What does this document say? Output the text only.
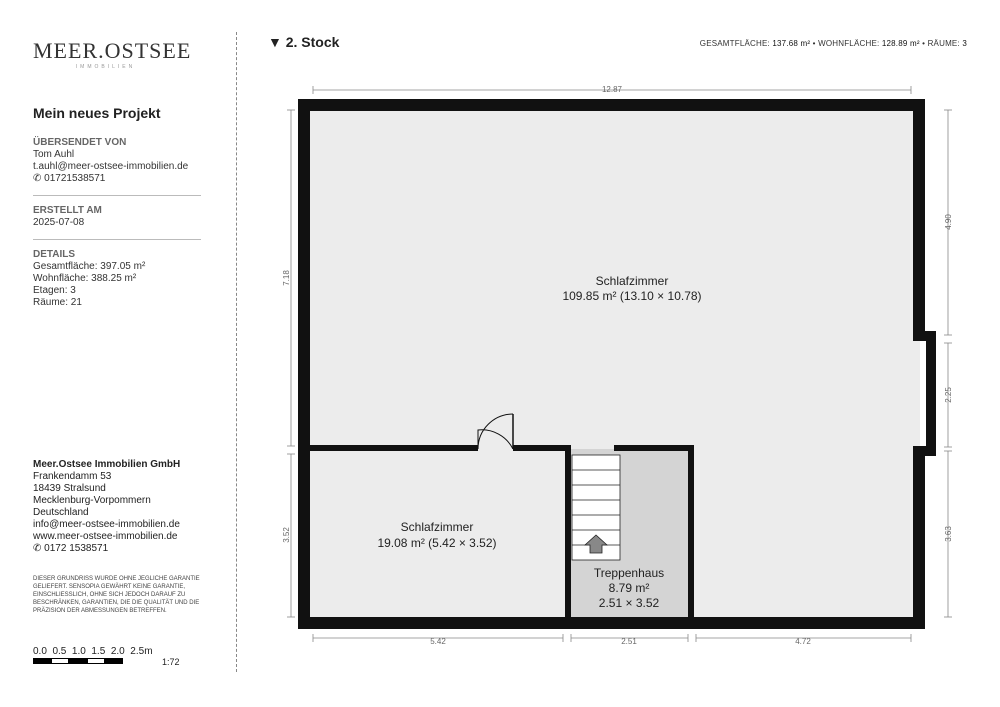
MEER.OSTSEE
IMMOBILIEN
Mein neues Projekt
ÜBERSENDET VON
Tom Auhl
t.auhl@meer-ostsee-immobilien.de
✆ 01721538571
ERSTELLT AM
2025-07-08
DETAILS
Gesamtfläche: 397.05 m²
Wohnfläche: 388.25 m²
Etagen: 3
Räume: 21
Meer.Ostsee Immobilien GmbH
Frankendamm 53
18439 Stralsund
Mecklenburg-Vorpommern
Deutschland
info@meer-ostsee-immobilien.de
www.meer-ostsee-immobilien.de
✆ 0172 1538571
DIESER GRUNDRISS WURDE OHNE JEGLICHE GARANTIE GELIEFERT. SENSOPIA GEWÄHRT KEINE GARANTIE, EINSCHLIESSLICH, OHNE SICH JEDOCH DARAUF ZU BESCHRÄNKEN, GARANTIEN, DIE DIE QUALITÄT UND DIE PRÄZISION DER ABMESSUNGEN BETREFFEN.
0.0  0.5  1.0  1.5  2.0  2.5m
1:72
▼ 2. Stock	GESAMTFLÄCHE: 137.68 m² • WOHNFLÄCHE: 128.89 m² • RÄUME: 3
Schlafzimmer
109.85 m² (13.10 × 10.78)
Schlafzimmer
19.08 m² (5.42 × 3.52)
Treppenhaus
8.79 m²
2.51 × 3.52
12.87
7.18
3.52
4.90
2.25
3.63
5.42	2.51	4.72
